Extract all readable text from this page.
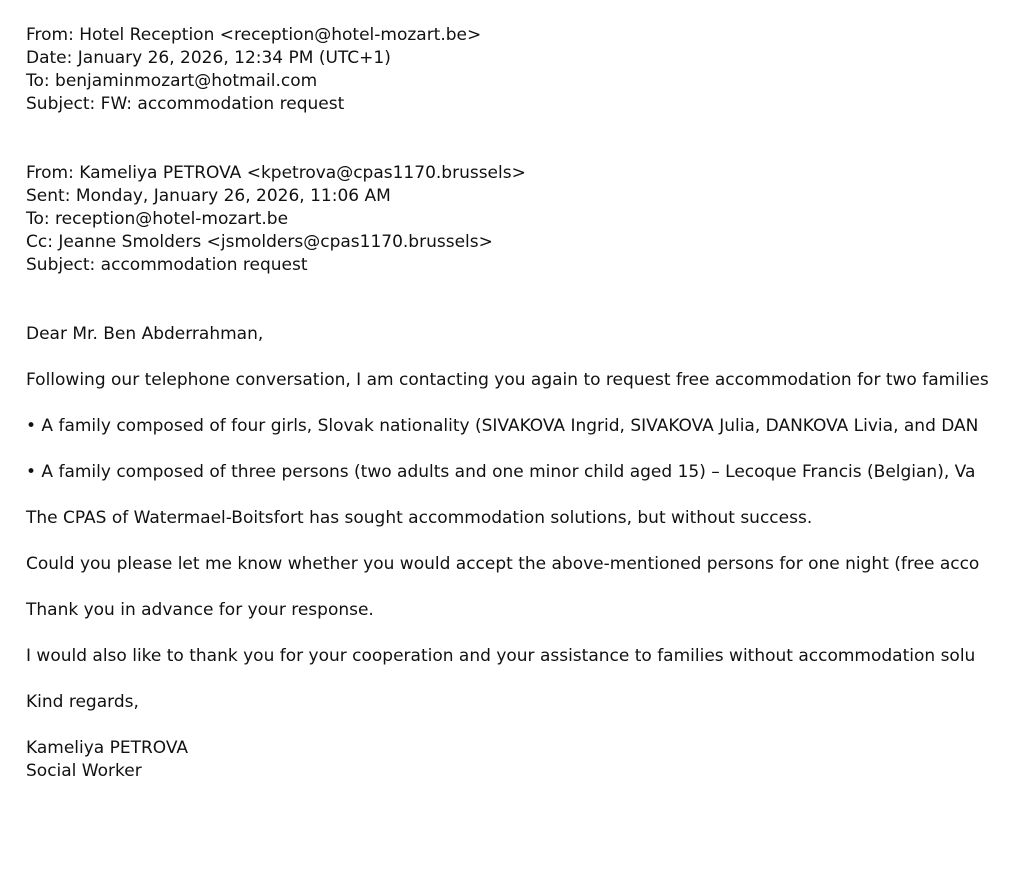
From: Hotel Reception <reception@hotel-mozart.be>
Date: January 26, 2026, 12:34 PM (UTC+1)
To: benjaminmozart@hotmail.com
Subject: FW: accommodation request
From: Kameliya PETROVA <kpetrova@cpas1170.brussels>
Sent: Monday, January 26, 2026, 11:06 AM
To: reception@hotel-mozart.be
Cc: Jeanne Smolders <jsmolders@cpas1170.brussels>
Subject: accommodation request
Dear Mr. Ben Abderrahman,
Following our telephone conversation, I am contacting you again to request free accommodation for two families
• A family composed of four girls, Slovak nationality (SIVAKOVA Ingrid, SIVAKOVA Julia, DANKOVA Livia, and DAN
• A family composed of three persons (two adults and one minor child aged 15) – Lecoque Francis (Belgian), Va
The CPAS of Watermael-Boitsfort has sought accommodation solutions, but without success.
Could you please let me know whether you would accept the above-mentioned persons for one night (free acco
Thank you in advance for your response.
I would also like to thank you for your cooperation and your assistance to families without accommodation solu
Kind regards,
Kameliya PETROVA
Social Worker
